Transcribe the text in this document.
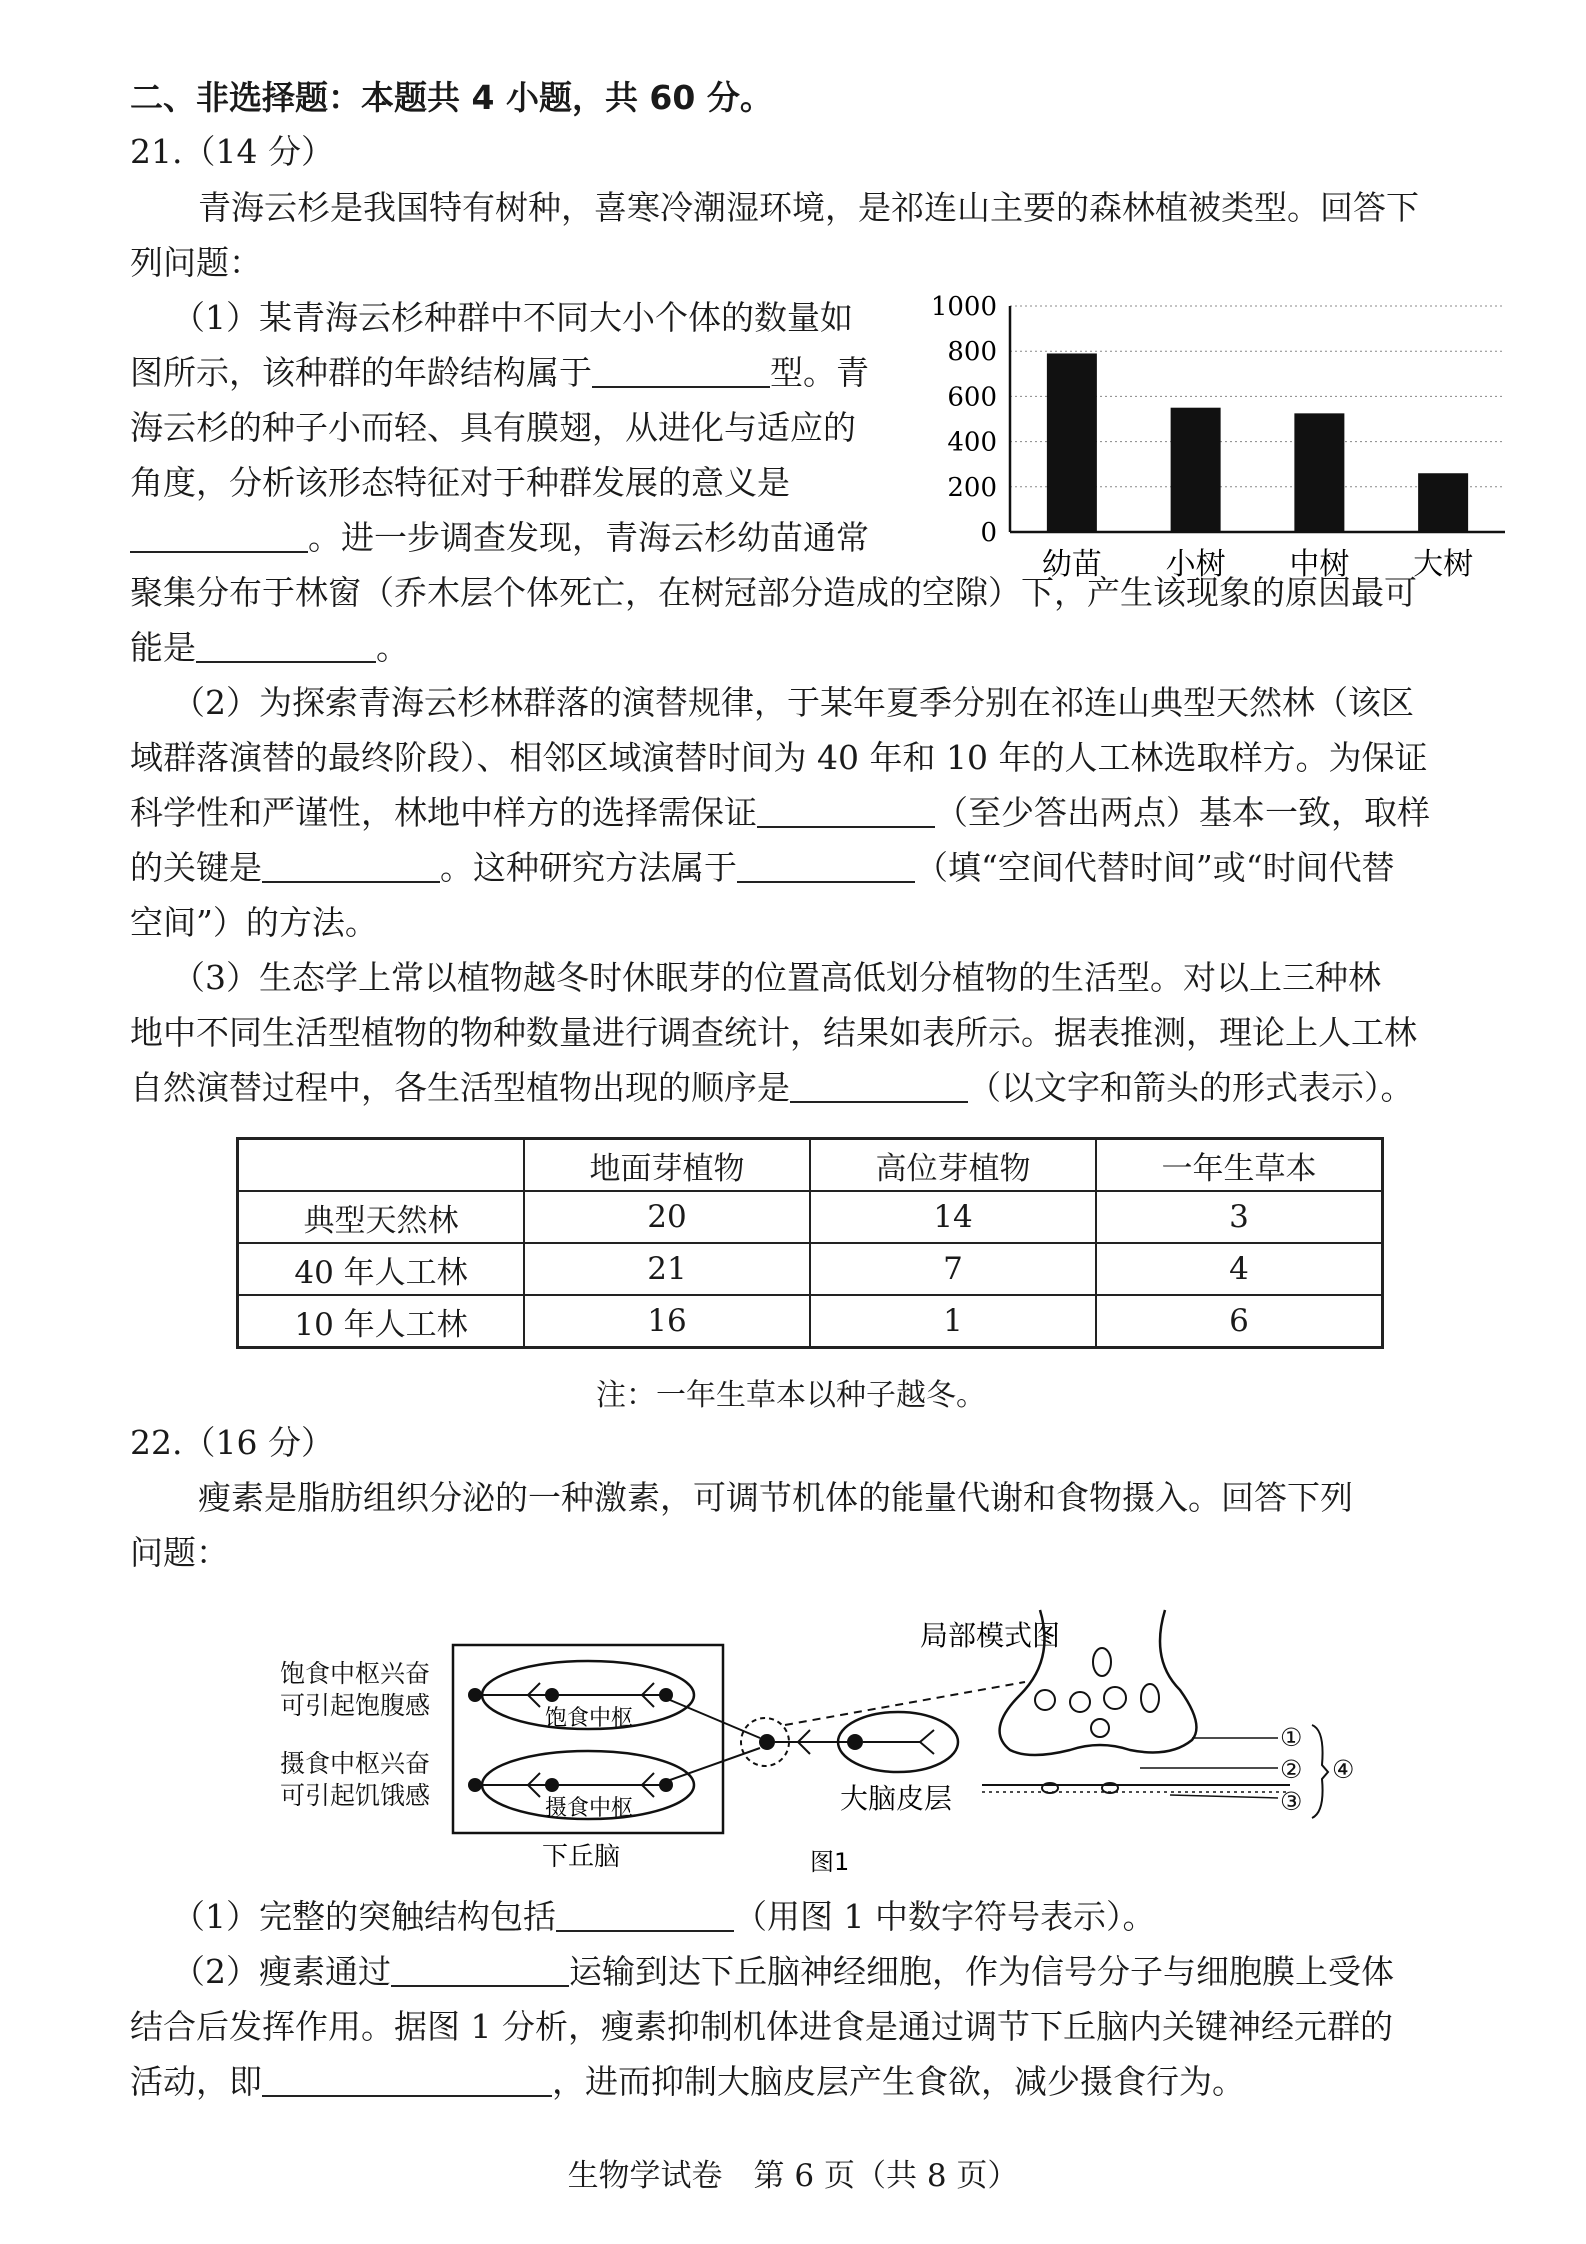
二、非选择题：本题共 4 小题，共 60 分。
21.（14 分）
青海云杉是我国特有树种，喜寒冷潮湿环境，是祁连山主要的森林植被类型。回答下
列问题：
（1）某青海云杉种群中不同大小个体的数量如
图所示，该种群的年龄结构属于	型。青
海云杉的种子小而轻、具有膜翅，从进化与适应的
角度，分析该形态特征对于种群发展的意义是
。进一步调查发现，青海云杉幼苗通常	0
200
400
600
800
1000
幼苗 小树 中树 大树
聚集分布于林窗（乔木层个体死亡，在树冠部分造成的空隙）下，产生该现象的原因最可
能是	。
（2）为探索青海云杉林群落的演替规律，于某年夏季分别在祁连山典型天然林（该区
域群落演替的最终阶段）、相邻区域演替时间为 40 年和 10 年的人工林选取样方。为保证
科学性和严谨性，林地中样方的选择需保证	（至少答出两点）基本一致，取样
的关键是	。这种研究方法属于	（填“空间代替时间”或“时间代替
空间”）的方法。
（3）生态学上常以植物越冬时休眠芽的位置高低划分植物的生活型。对以上三种林
地中不同生活型植物的物种数量进行调查统计，结果如表所示。据表推测，理论上人工林
自然演替过程中，各生活型植物出现的顺序是	（以文字和箭头的形式表示）。
	地面芽植物	高位芽植物	一年生草本
典型天然林	20	14	3
40 年人工林	21	7	4
10 年人工林	16	1	6
注：一年生草本以种子越冬。
22.（16 分）
瘦素是脂肪组织分泌的一种激素，可调节机体的能量代谢和食物摄入。回答下列
问题：
饱食中枢兴奋
可引起饱腹感
摄食中枢兴奋
可引起饥饿感
饱食中枢
摄食中枢
下丘脑
大脑皮层
局部模式图
①
②
③
④
图1
（1）完整的突触结构包括	（用图 1 中数字符号表示）。
（2）瘦素通过	运输到达下丘脑神经细胞，作为信号分子与细胞膜上受体
结合后发挥作用。据图 1 分析，瘦素抑制机体进食是通过调节下丘脑内关键神经元群的
活动，即	，进而抑制大脑皮层产生食欲，减少摄食行为。
生物学试卷　第 6 页（共 8 页）
